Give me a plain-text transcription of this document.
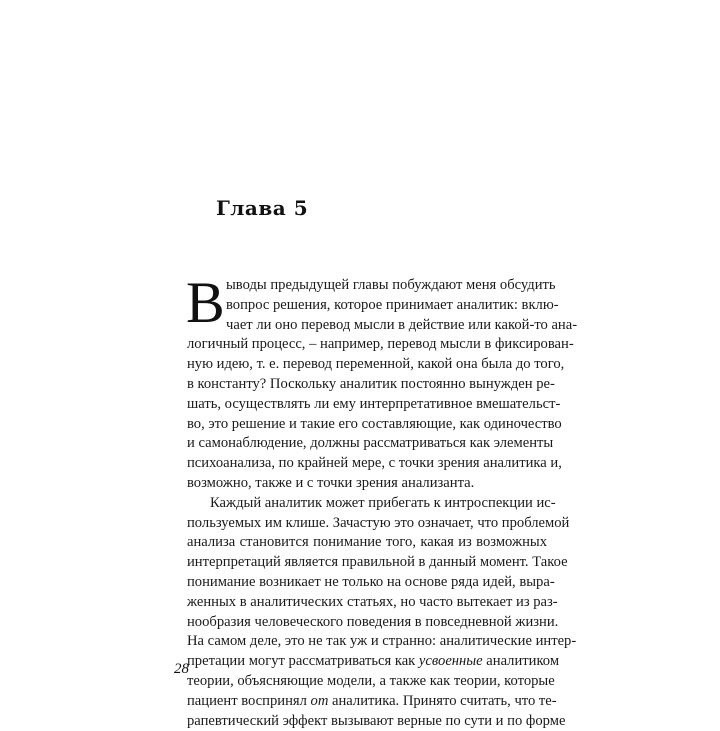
Глава 5
В ыводы предыдущей главы побуждают меня обсудить
вопрос решения, которое принимает аналитик: вклю-
чает ли оно перевод мысли в действие или какой-то ана-
логичный процесс, – например, перевод мысли в фиксирован-
ную идею, т. е. перевод переменной, какой она была до того,
в константу? Поскольку аналитик постоянно вынужден ре-
шать, осуществлять ли ему интерпретативное вмешательст-
во, это решение и такие его составляющие, как одиночество
и самонаблюдение, должны рассматриваться как элементы
психоанализа, по крайней мере, с точки зрения аналитика и,
возможно, также и с точки зрения анализанта.
Каждый аналитик может прибегать к интроспекции ис-
пользуемых им клише. Зачастую это означает, что проблемой
анализа становится понимание того, какая из возможных
интерпретаций является правильной в данный момент. Такое
понимание возникает не только на основе ряда идей, выра-
женных в аналитических статьях, но часто вытекает из раз-
нообразия человеческого поведения в повседневной жизни.
На самом деле, это не так уж и странно: аналитические интер-
претации могут рассматриваться как усвоенные аналитиком
теории, объясняющие модели, а также как теории, которые
пациент воспринял от аналитика. Принято считать, что те-
рапевтический эффект вызывают верные по сути и по форме
28
